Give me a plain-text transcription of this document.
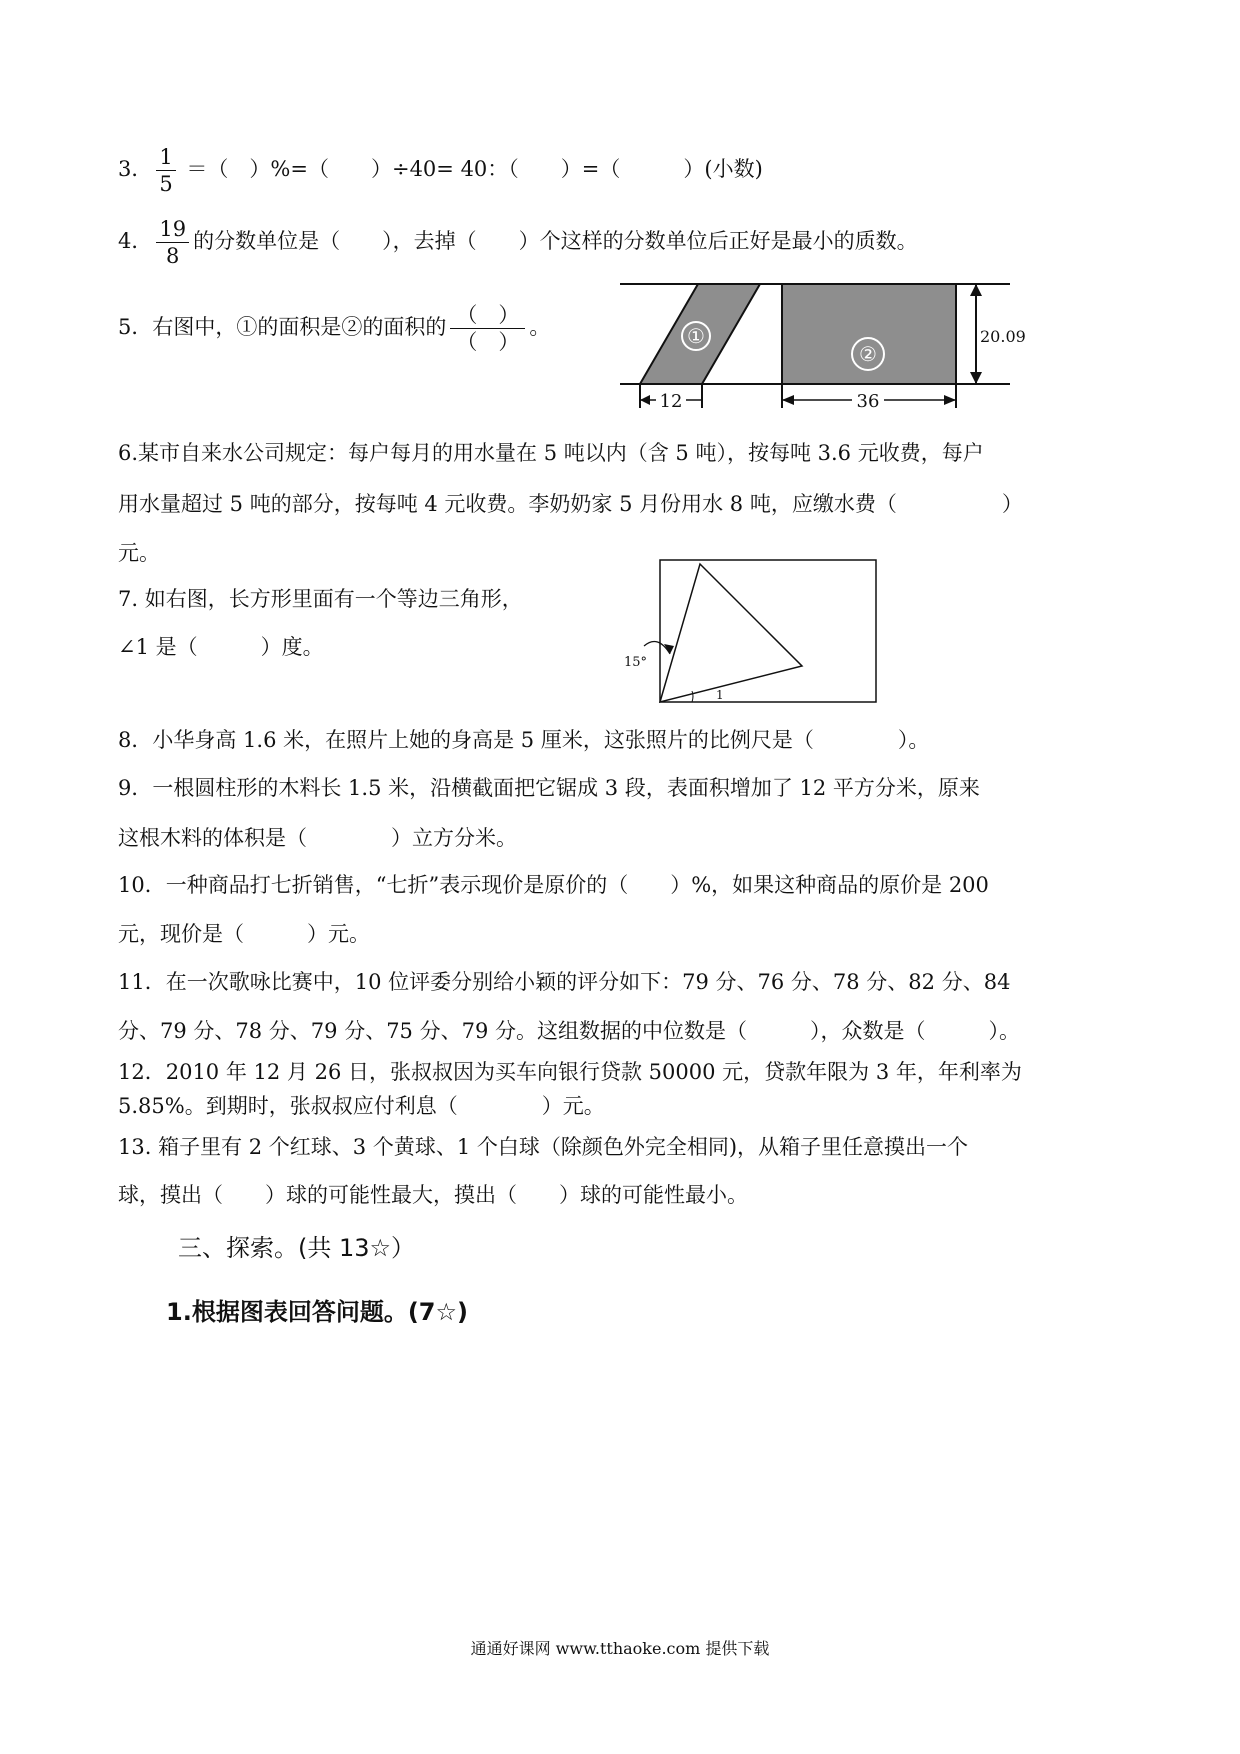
3． $\frac{1}{5}$ ＝（　）%=（　　）÷40= 40：（　　）=（　　　）(小数)
4． $\frac{19}{8}$ 的分数单位是（　　），去掉（　　）个这样的分数单位后正好是最小的质数。
5．右图中，①的面积是②的面积的 $\frac{( )}{( )}$ 。	①
②
20.09
12	36
6.某市自来水公司规定：每户每月的用水量在 5 吨以内（含 5 吨），按每吨 3.6 元收费，每户
用水量超过 5 吨的部分，按每吨 4 元收费。李奶奶家 5 月份用水 8 吨，应缴水费（　　　　　）
元。
7. 如右图，长方形里面有一个等边三角形，
∠1 是（　　　）度。
15°
1
8．小华身高 1.6 米，在照片上她的身高是 5 厘米，这张照片的比例尺是（　　　　）。
9．一根圆柱形的木料长 1.5 米，沿横截面把它锯成 3 段，表面积增加了 12 平方分米，原来
这根木料的体积是（　　　　）立方分米。
10．一种商品打七折销售，“七折”表示现价是原价的（　　）%，如果这种商品的原价是 200
元，现价是（　　　）元。
11．在一次歌咏比赛中，10 位评委分别给小颖的评分如下：79 分、76 分、78 分、82 分、84
分、79 分、78 分、79 分、75 分、79 分。这组数据的中位数是（　　　），众数是（　　　）。
12．2010 年 12 月 26 日，张叔叔因为买车向银行贷款 50000 元，贷款年限为 3 年，年利率为
5.85%。到期时，张叔叔应付利息（　　　　）元。
13. 箱子里有 2 个红球、3 个黄球、1 个白球（除颜色外完全相同)，从箱子里任意摸出一个
球，摸出（　　）球的可能性最大，摸出（　　）球的可能性最小。
三、探索。(共 13☆）
1.根据图表回答问题。(7☆)
通通好课网 www.tthaoke.com 提供下载
